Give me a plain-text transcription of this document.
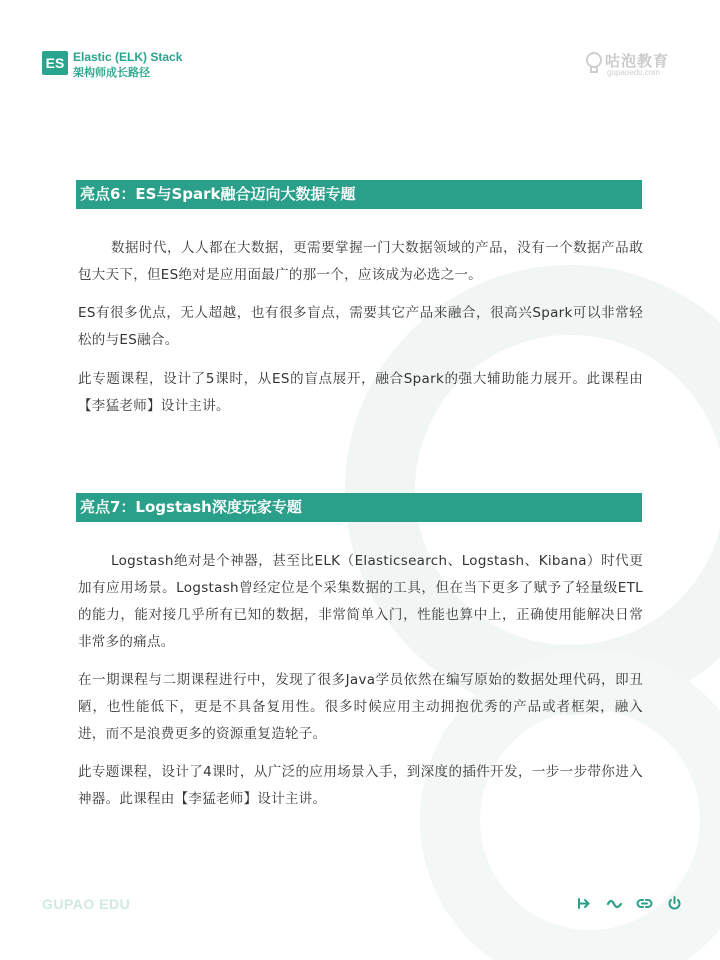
ES Elastic (ELK) Stack
架构师成长路径
咕泡教育
gupaoedu.com
亮点6：ES与Spark融合迈向大数据专题

数据时代，人人都在大数据，更需要掌握一门大数据领域的产品，没有一个数据产品敢包大天下，但ES绝对是应用面最广的那一个，应该成为必选之一。

ES有很多优点，无人超越，也有很多盲点，需要其它产品来融合，很高兴Spark可以非常轻松的与ES融合。

此专题课程，设计了5课时，从ES的盲点展开，融合Spark的强大辅助能力展开。此课程由【李猛老师】设计主讲。

亮点7：Logstash深度玩家专题

Logstash绝对是个神器，甚至比ELK（Elasticsearch、Logstash、Kibana）时代更加有应用场景。Logstash曾经定位是个采集数据的工具，但在当下更多了赋予了轻量级ETL的能力，能对接几乎所有已知的数据，非常简单入门，性能也算中上，正确使用能解决日常非常多的痛点。

在一期课程与二期课程进行中，发现了很多Java学员依然在编写原始的数据处理代码，即丑陋，也性能低下，更是不具备复用性。很多时候应用主动拥抱优秀的产品或者框架，融入进，而不是浪费更多的资源重复造轮子。

此专题课程，设计了4课时，从广泛的应用场景入手，到深度的插件开发，一步一步带你进入神器。此课程由【李猛老师】设计主讲。

GUPAO EDU
